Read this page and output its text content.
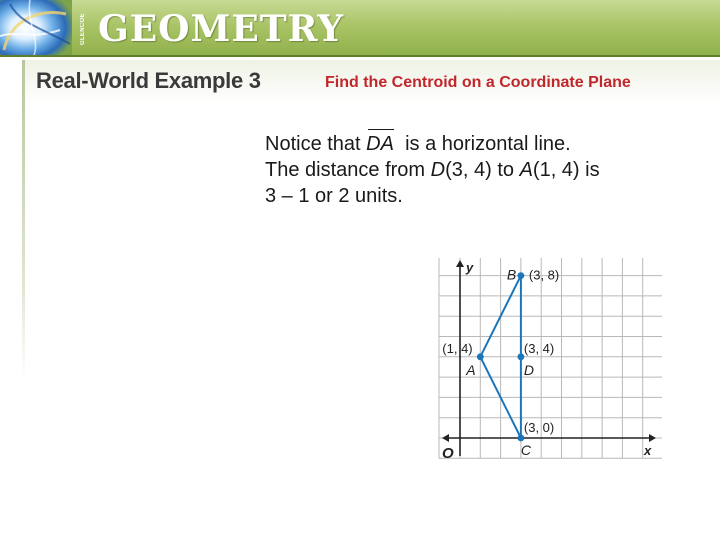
GLENCOE GEOMETRY
Real-World Example 3	Find the Centroid on a Coordinate Plane
Notice that DA  is a horizontal line.
The distance from D(3, 4) to A(1, 4) is
3 – 1 or 2 units.
y
x
O
B (3, 8)
A
(1, 4)
D
(3, 4)
C
(3, 0)
